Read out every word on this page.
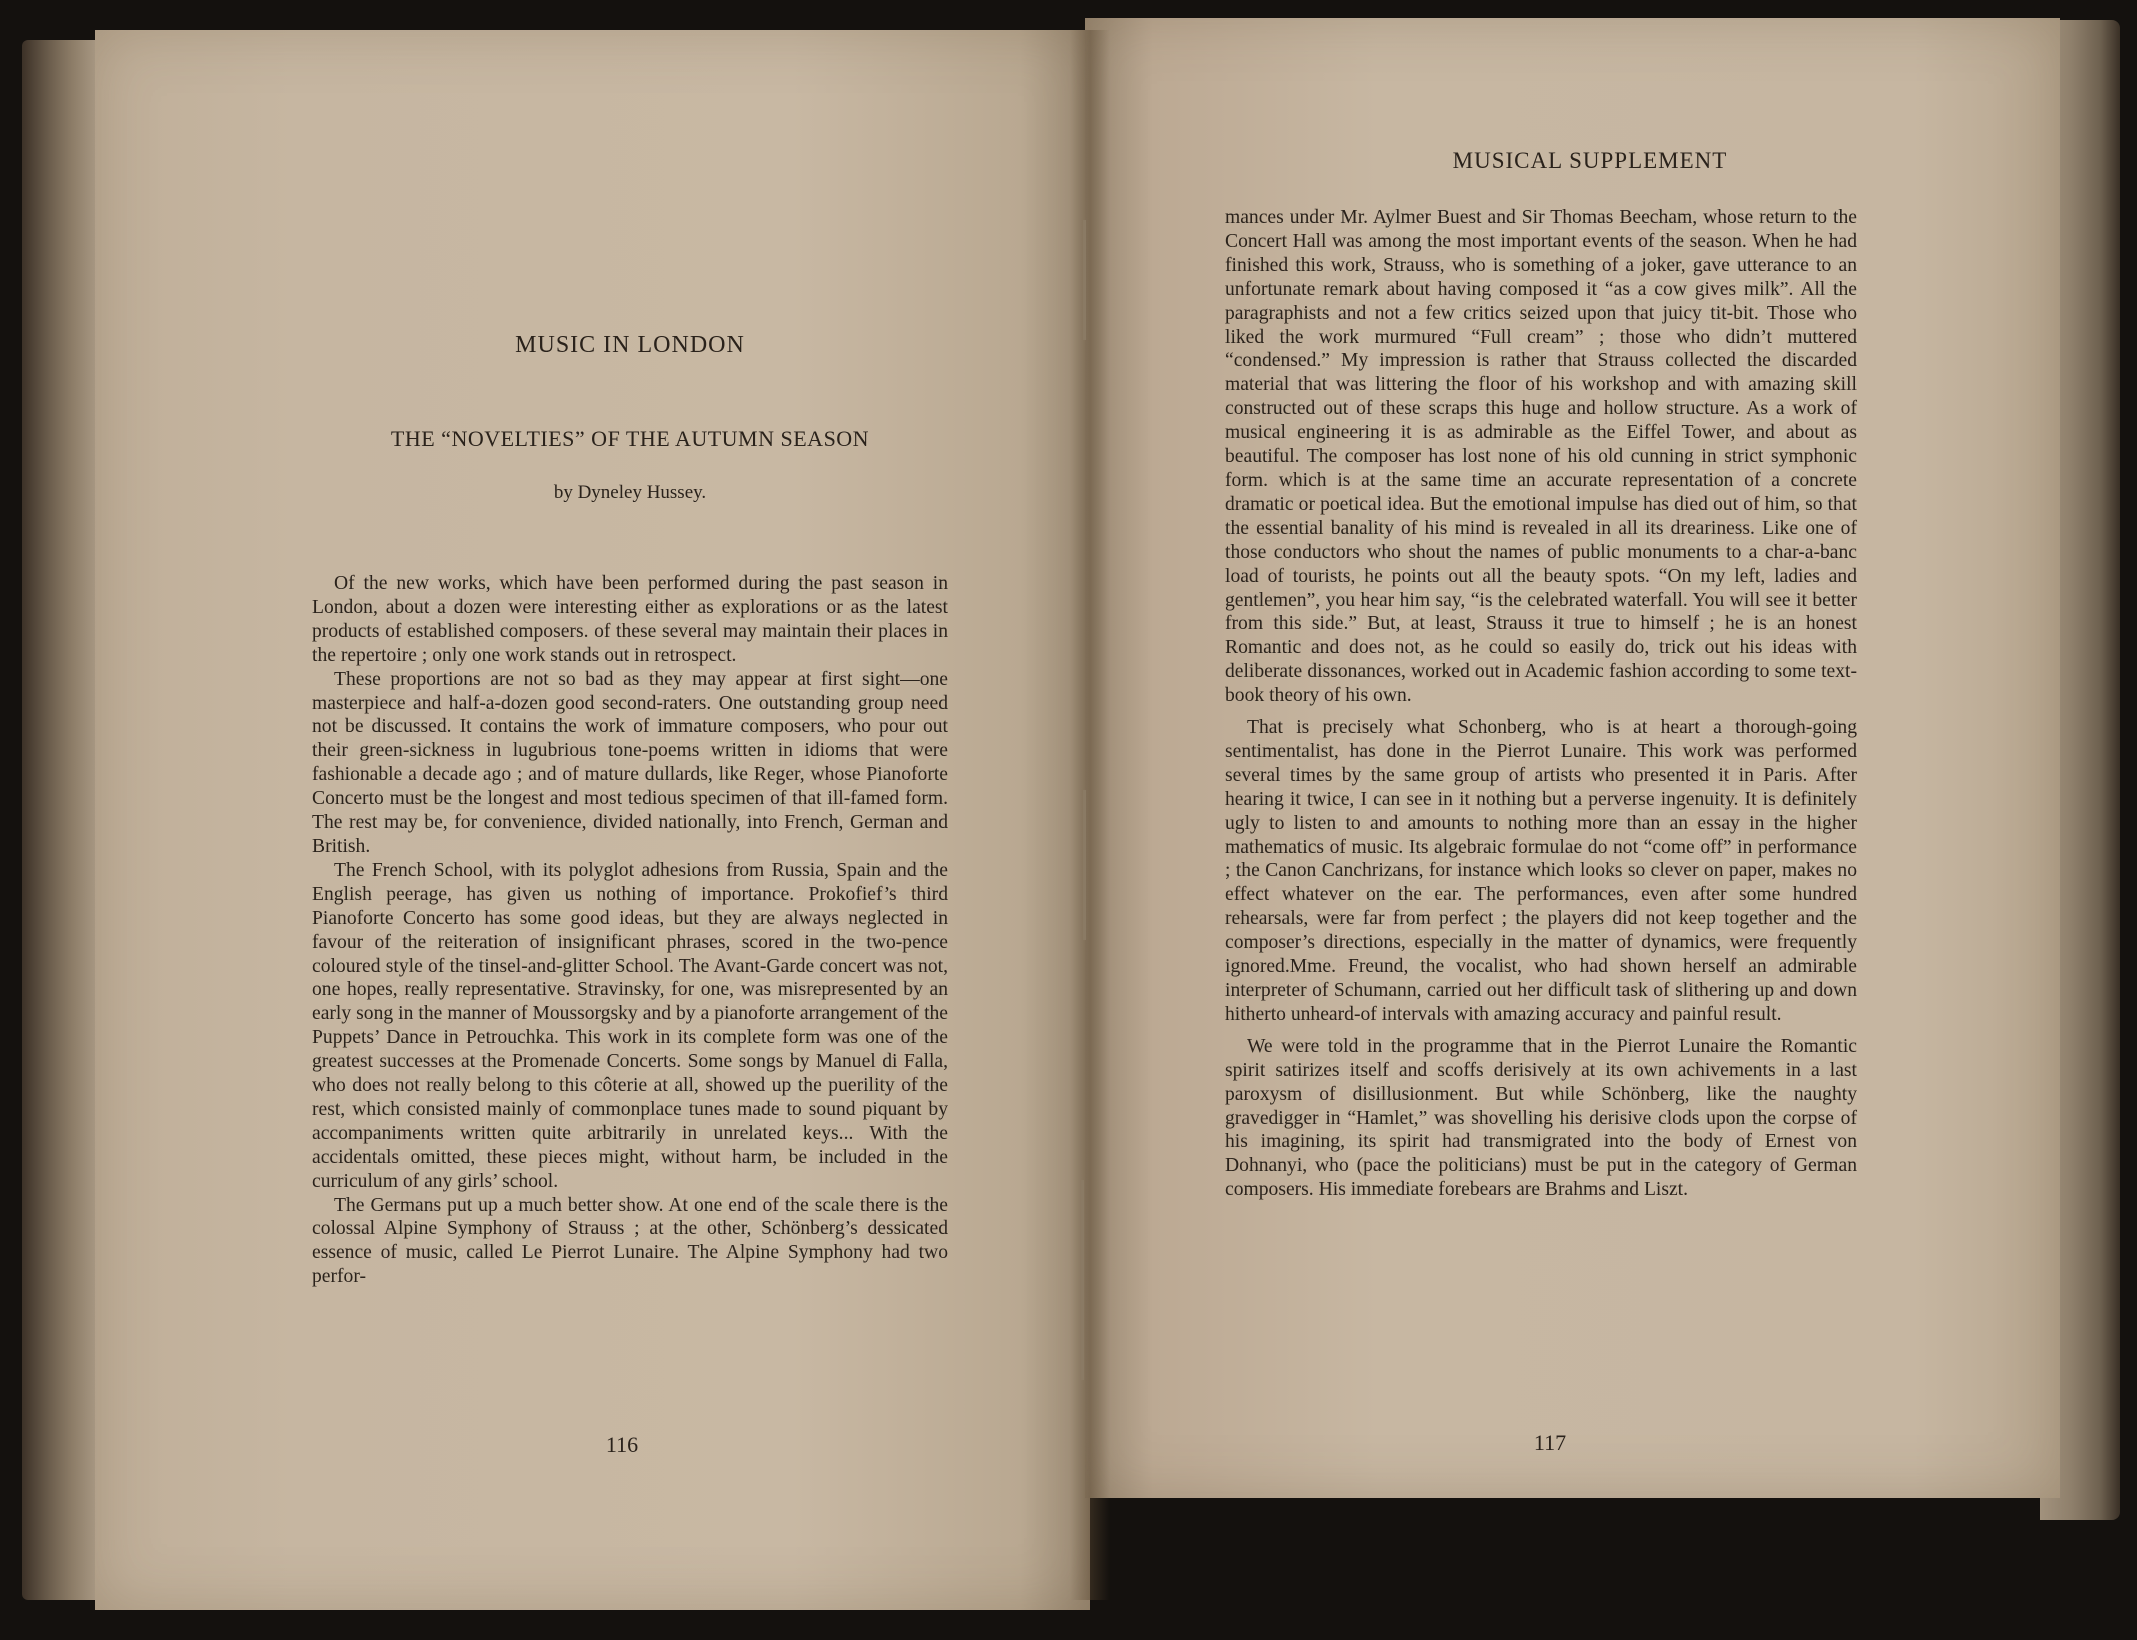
MUSIC IN LONDON
THE “NOVELTIES” OF THE AUTUMN SEASON
by Dyneley Hussey.

Of the new works, which have been performed during the past season in London, about a dozen were interesting either as explorations or as the latest products of established composers. of these several may maintain their places in the repertoire ; only one work stands out in retrospect.

These proportions are not so bad as they may appear at first sight—one masterpiece and half-a-dozen good second-raters. One outstanding group need not be discussed. It contains the work of immature composers, who pour out their green-sickness in lugubrious tone-poems written in idioms that were fashionable a decade ago ; and of mature dullards, like Reger, whose Pianoforte Concerto must be the longest and most tedious specimen of that ill-famed form. The rest may be, for convenience, divided nationally, into French, German and British.

The French School, with its polyglot adhesions from Russia, Spain and the English peerage, has given us nothing of importance. Prokofief’s third Pianoforte Concerto has some good ideas, but they are always neglected in favour of the reiteration of insignificant phrases, scored in the two-pence coloured style of the tinsel-and-glitter School. The Avant-Garde concert was not, one hopes, really representative. Stravinsky, for one, was misrepresented by an early song in the manner of Moussorgsky and by a pianoforte arrangement of the Puppets’ Dance in Petrouchka. This work in its complete form was one of the greatest successes at the Promenade Concerts. Some songs by Manuel di Falla, who does not really belong to this côterie at all, showed up the puerility of the rest, which consisted mainly of commonplace tunes made to sound piquant by accompaniments written quite arbitrarily in unrelated keys... With the accidentals omitted, these pieces might, without harm, be included in the curriculum of any girls’ school.

The Germans put up a much better show. At one end of the scale there is the colossal Alpine Symphony of Strauss ; at the other, Schönberg’s dessicated essence of music, called Le Pierrot Lunaire. The Alpine Symphony had two perfor-

116
MUSICAL SUPPLEMENT

mances under Mr. Aylmer Buest and Sir Thomas Beecham, whose return to the Concert Hall was among the most important events of the season. When he had finished this work, Strauss, who is something of a joker, gave utterance to an unfortunate remark about having composed it “as a cow gives milk”. All the paragraphists and not a few critics seized upon that juicy tit-bit. Those who liked the work murmured “Full cream” ; those who didn’t muttered “condensed.” My impression is rather that Strauss collected the discarded material that was littering the floor of his workshop and with amazing skill constructed out of these scraps this huge and hollow structure. As a work of musical engineering it is as admirable as the Eiffel Tower, and about as beautiful. The composer has lost none of his old cunning in strict symphonic form. which is at the same time an accurate representation of a concrete dramatic or poetical idea. But the emotional impulse has died out of him, so that the essential banality of his mind is revealed in all its dreariness. Like one of those conductors who shout the names of public monuments to a char-a-banc load of tourists, he points out all the beauty spots. “On my left, ladies and gentlemen”, you hear him say, “is the celebrated waterfall. You will see it better from this side.” But, at least, Strauss it true to himself ; he is an honest Romantic and does not, as he could so easily do, trick out his ideas with deliberate dissonances, worked out in Academic fashion according to some text-book theory of his own.

That is precisely what Schonberg, who is at heart a thorough-going sentimentalist, has done in the Pierrot Lunaire. This work was performed several times by the same group of artists who presented it in Paris. After hearing it twice, I can see in it nothing but a perverse ingenuity. It is definitely ugly to listen to and amounts to nothing more than an essay in the higher mathematics of music. Its algebraic formulae do not “come off” in performance ; the Canon Canchrizans, for instance which looks so clever on paper, makes no effect whatever on the ear. The performances, even after some hundred rehearsals, were far from perfect ; the players did not keep together and the composer’s directions, especially in the matter of dynamics, were frequently ignored.Mme. Freund, the vocalist, who had shown herself an admirable interpreter of Schumann, carried out her difficult task of slithering up and down hitherto unheard-of intervals with amazing accuracy and painful result.

We were told in the programme that in the Pierrot Lunaire the Romantic spirit satirizes itself and scoffs derisively at its own achivements in a last paroxysm of disillusionment. But while Schönberg, like the naughty gravedigger in “Hamlet,” was shovelling his derisive clods upon the corpse of his imagining, its spirit had transmigrated into the body of Ernest von Dohnanyi, who (pace the politicians) must be put in the category of German composers. His immediate forebears are Brahms and Liszt.

117
